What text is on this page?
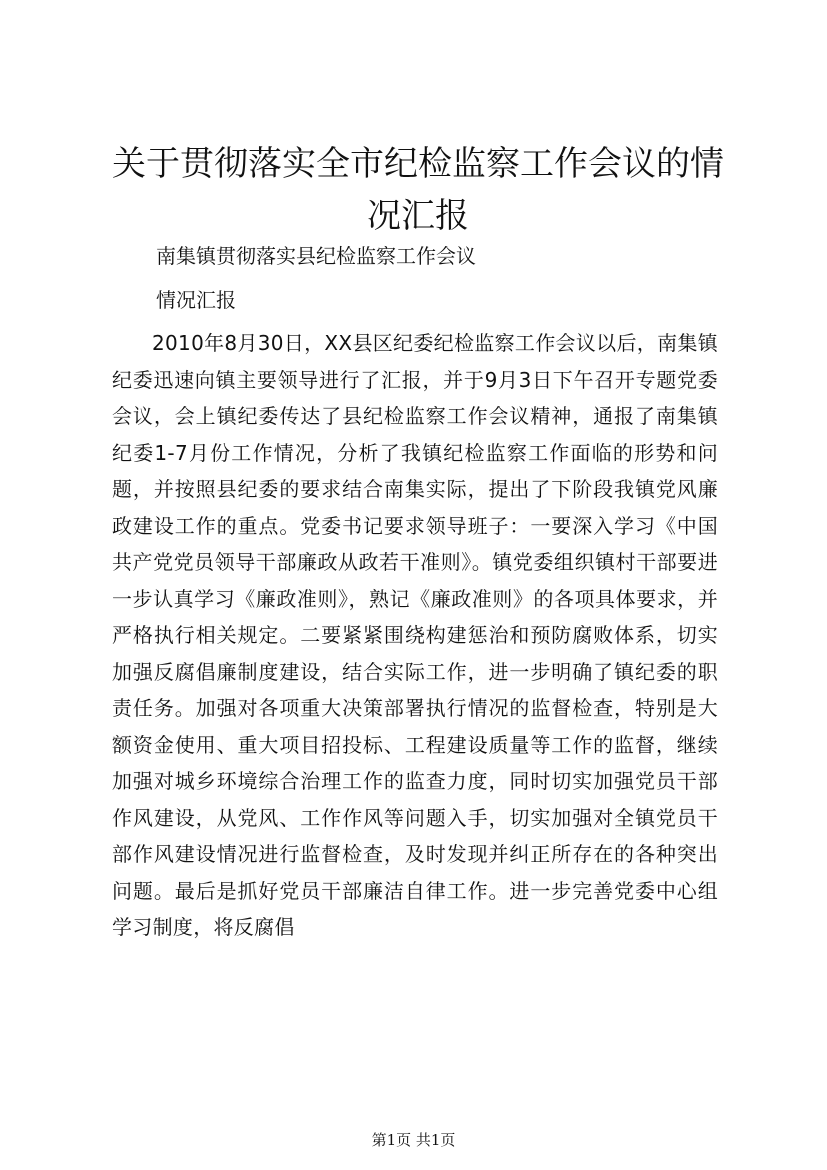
关于贯彻落实全市纪检监察工作会议的情况汇报
南集镇贯彻落实县纪检监察工作会议
情况汇报

2010年8月30日，XX县区纪委纪检监察工作会议以后，南集镇纪委迅速向镇主要领导进行了汇报，并于9月3日下午召开专题党委会议，会上镇纪委传达了县纪检监察工作会议精神，通报了南集镇纪委1-7月份工作情况，分析了我镇纪检监察工作面临的形势和问题，并按照县纪委的要求结合南集实际，提出了下阶段我镇党风廉政建设工作的重点。党委书记要求领导班子：一要深入学习《中国共产党党员领导干部廉政从政若干准则》。镇党委组织镇村干部要进一步认真学习《廉政准则》，熟记《廉政准则》的各项具体要求，并严格执行相关规定。二要紧紧围绕构建惩治和预防腐败体系，切实加强反腐倡廉制度建设，结合实际工作，进一步明确了镇纪委的职责任务。加强对各项重大决策部署执行情况的监督检查，特别是大额资金使用、重大项目招投标、工程建设质量等工作的监督，继续加强对城乡环境综合治理工作的监查力度，同时切实加强党员干部作风建设，从党风、工作作风等问题入手，切实加强对全镇党员干部作风建设情况进行监督检查，及时发现并纠正所存在的各种突出问题。最后是抓好党员干部廉洁自律工作。进一步完善党委中心组学习制度，将反腐倡

第1页 共1页
